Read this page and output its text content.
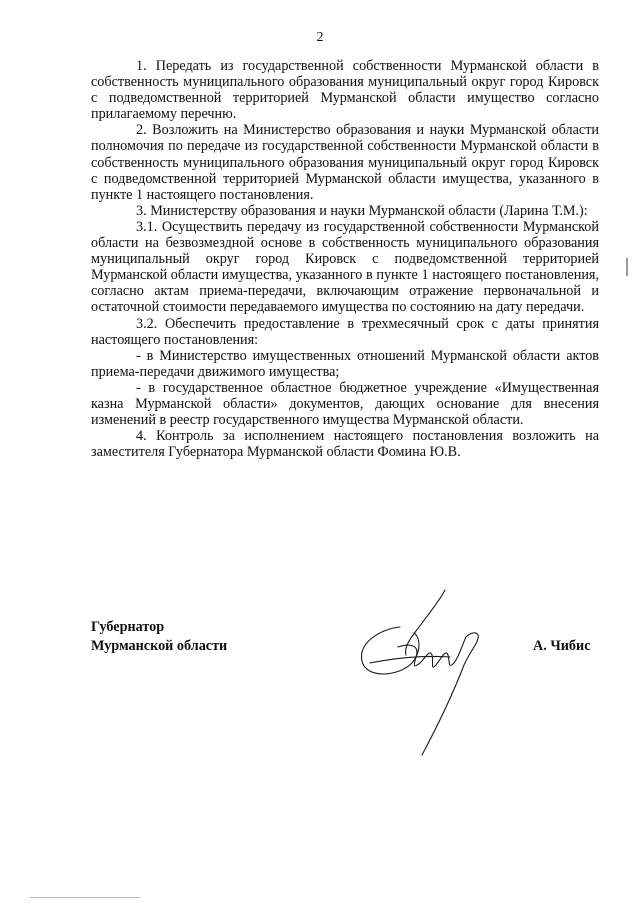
2

1. Передать из государственной собственности Мурманской области в собственность муниципального образования муниципальный округ город Кировск с подведомственной территорией Мурманской области имущество согласно прилагаемому перечню.

2. Возложить на Министерство образования и науки Мурманской области полномочия по передаче из государственной собственности Мурманской области в собственность муниципального образования муниципальный округ город Кировск с подведомственной территорией Мурманской области имущества, указанного в пункте 1 настоящего постановления.

3. Министерству образования и науки Мурманской области (Ларина Т.М.):

3.1. Осуществить передачу из государственной собственности Мурманской области на безвозмездной основе в собственность муниципального образования муниципальный округ город Кировск с подведомственной территорией Мурманской области имущества, указанного в пункте 1 настоящего постановления, согласно актам приема-передачи, включающим отражение первоначальной и остаточной стоимости передаваемого имущества по состоянию на дату передачи.

3.2. Обеспечить предоставление в трехмесячный срок с даты принятия настоящего постановления:

- в Министерство имущественных отношений Мурманской области актов приема-передачи движимого имущества;

- в государственное областное бюджетное учреждение «Имущественная казна Мурманской области» документов, дающих основание для внесения изменений в реестр государственного имущества Мурманской области.

4. Контроль за исполнением настоящего постановления возложить на заместителя Губернатора Мурманской области Фомина Ю.В.

Губернатор
Мурманской области	А. Чибис
